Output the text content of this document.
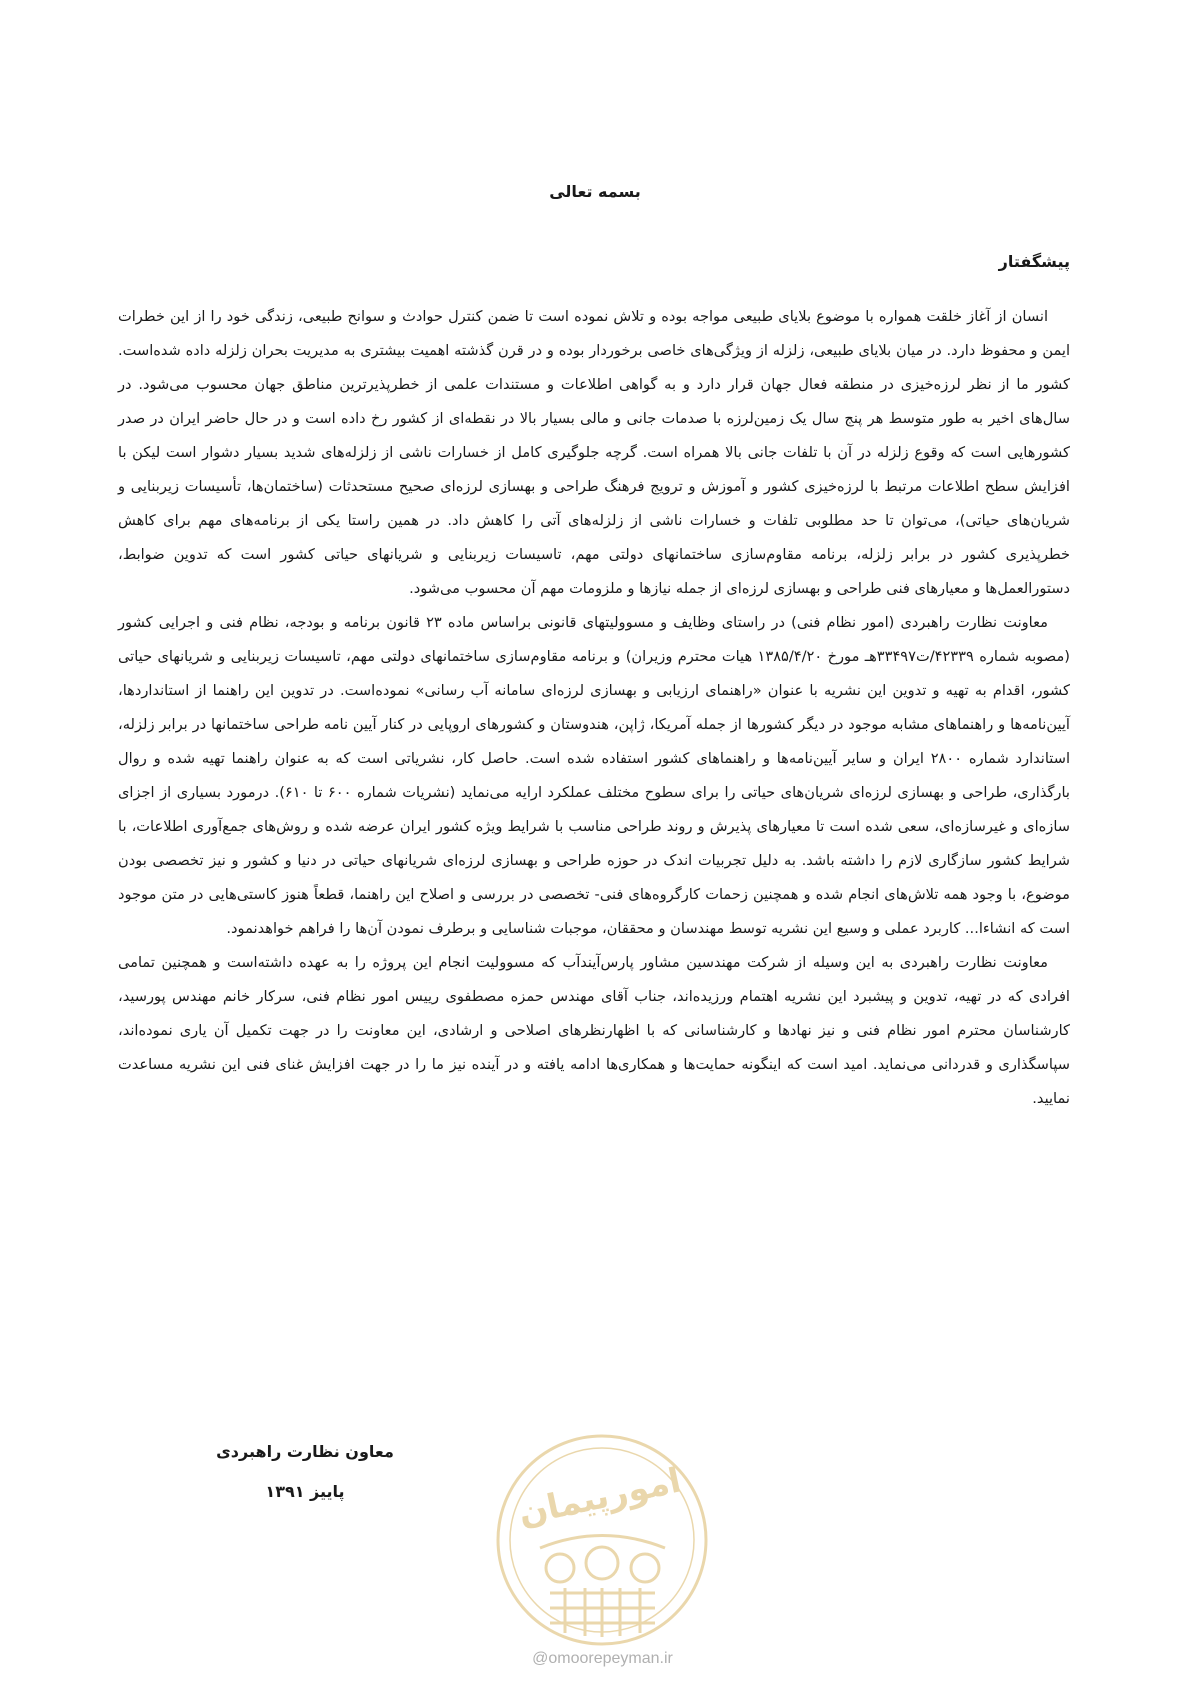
بسمه تعالی
پیشگفتار

انسان از آغاز خلقت همواره با موضوع بلایای طبیعی مواجه بوده و تلاش نموده است تا ضمن کنترل حوادث و سوانح طبیعی، زندگی خود را از این خطرات ایمن و محفوظ دارد. در میان بلایای طبیعی، زلزله از ویژگی‌های خاصی برخوردار بوده و در قرن گذشته اهمیت بیشتری به مدیریت بحران زلزله داده شده‌است. کشور ما از نظر لرزه‌خیزی در منطقه فعال جهان قرار دارد و به گواهی اطلاعات و مستندات علمی از خطرپذیرترین مناطق جهان محسوب می‌شود. در سال‌های اخیر به طور متوسط هر پنج سال یک زمین‌لرزه با صدمات جانی و مالی بسیار بالا در نقطه‌ای از کشور رخ داده است و در حال حاضر ایران در صدر کشورهایی است که وقوع زلزله در آن با تلفات جانی بالا همراه است. گرچه جلوگیری کامل از خسارات ناشی از زلزله‌های شدید بسیار دشوار است لیکن با افزایش سطح اطلاعات مرتبط با لرزه‌خیزی کشور و آموزش و ترویج فرهنگ طراحی و بهسازی لرزه‌ای صحیح مستحدثات (ساختمان‌ها، تأسیسات زیربنایی و شریان‌های حیاتی)، می‌توان تا حد مطلوبی تلفات و خسارات ناشی از زلزله‌های آتی را کاهش داد. در همین راستا یکی از برنامه‌های مهم برای کاهش خطرپذیری کشور در برابر زلزله، برنامه مقاوم‌سازی ساختمانهای دولتی مهم، تاسیسات زیربنایی و شریانهای حیاتی کشور است که تدوین ضوابط، دستورالعمل‌ها و معیارهای فنی طراحی و بهسازی لرزه‌ای از جمله نیازها و ملزومات مهم آن محسوب می‌شود.

معاونت نظارت راهبردی (امور نظام فنی) در راستای وظایف و مسوولیتهای قانونی براساس ماده ۲۳ قانون برنامه و بودجه، نظام فنی و اجرایی کشور (مصوبه شماره ۴۲۳۳۹/ت۳۳۴۹۷هـ مورخ ۱۳۸۵/۴/۲۰ هیات محترم وزیران) و برنامه مقاوم‌سازی ساختمانهای دولتی مهم، تاسیسات زیربنایی و شریانهای حیاتی کشور، اقدام به تهیه و تدوین این نشریه با عنوان «راهنمای ارزیابی و بهسازی لرزه‌ای سامانه آب رسانی» نموده‌است. در تدوین این راهنما از استانداردها، آیین‌نامه‌ها و راهنماهای مشابه موجود در دیگر کشورها از جمله آمریکا، ژاپن، هندوستان و کشورهای اروپایی در کنار آیین نامه طراحی ساختمانها در برابر زلزله، استاندارد شماره ۲۸۰۰ ایران و سایر آیین‌نامه‌ها و راهنماهای کشور استفاده شده است. حاصل کار، نشریاتی است که به عنوان راهنما تهیه شده و روال بارگذاری، طراحی و بهسازی لرزه‌ای شریان‌های حیاتی را برای سطوح مختلف عملکرد ارایه می‌نماید (نشریات شماره ۶۰۰ تا ۶۱۰). درمورد بسیاری از اجزای سازه‌ای و غیرسازه‌ای، سعی شده است تا معیارهای پذیرش و روند طراحی مناسب با شرایط ویژه کشور ایران عرضه شده و روش‌های جمع‌آوری اطلاعات، با شرایط کشور سازگاری لازم را داشته باشد. به دلیل تجربیات اندک در حوزه طراحی و بهسازی لرزه‌ای شریانهای حیاتی در دنیا و کشور و نیز تخصصی بودن موضوع، با وجود همه تلاش‌های انجام شده و همچنین زحمات کارگروه‌های فنی- تخصصی در بررسی و اصلاح این راهنما، قطعاً هنوز کاستی‌هایی در متن موجود است که انشاءا... کاربرد عملی و وسیع این نشریه توسط مهندسان و محققان، موجبات شناسایی و برطرف نمودن آن‌ها را فراهم خواهدنمود.

معاونت نظارت راهبردی به این وسیله از شرکت مهندسین مشاور پارس‌آیندآب که مسوولیت انجام این پروژه را به عهده داشته‌است و همچنین تمامی افرادی که در تهیه، تدوین و پیشبرد این نشریه اهتمام ورزیده‌اند، جناب آقای مهندس حمزه مصطفوی رییس امور نظام فنی، سرکار خانم مهندس پورسید، کارشناسان محترم امور نظام فنی و نیز نهادها و کارشناسانی که با اظهارنظرهای اصلاحی و ارشادی، این معاونت را در جهت تکمیل آن یاری نموده‌اند، سپاسگذاری و قدردانی می‌نماید. امید است که اینگونه حمایت‌ها و همکاری‌ها ادامه یافته و در آینده نیز ما را در جهت افزایش غنای فنی این نشریه مساعدت نمایید.

معاون نظارت راهبردی
پاییز ۱۳۹۱	امورپیمان
@omoorepeyman.ir
